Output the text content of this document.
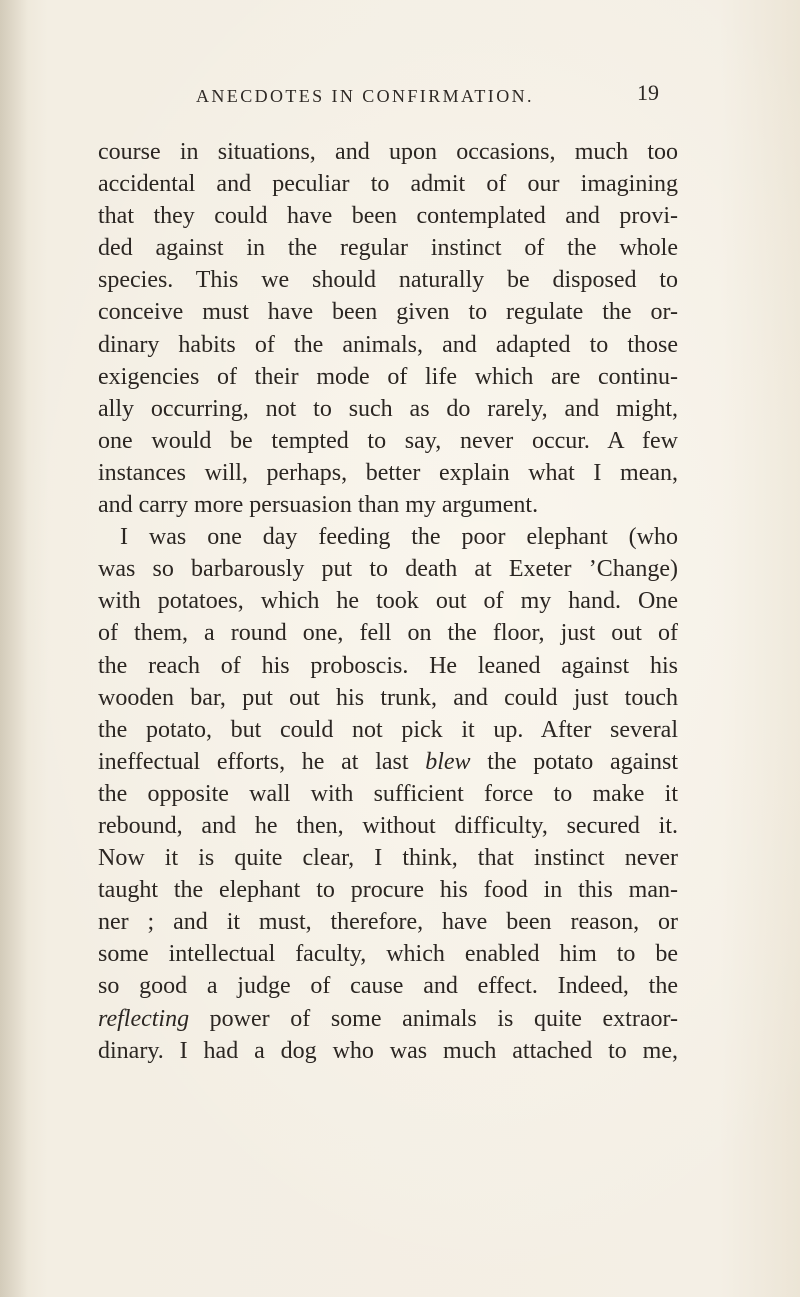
ANECDOTES IN CONFIRMATION.	19
course in situations, and upon occasions, much too
accidental and peculiar to admit of our imagining
that they could have been contemplated and provi-
ded against in the regular instinct of the whole
species. This we should naturally be disposed to
conceive must have been given to regulate the or-
dinary habits of the animals, and adapted to those
exigencies of their mode of life which are continu-
ally occurring, not to such as do rarely, and might,
one would be tempted to say, never occur. A few
instances will, perhaps, better explain what I mean,
and carry more persuasion than my argument.
I was one day feeding the poor elephant (who
was so barbarously put to death at Exeter ’Change)
with potatoes, which he took out of my hand. One
of them, a round one, fell on the floor, just out of
the reach of his proboscis. He leaned against his
wooden bar, put out his trunk, and could just touch
the potato, but could not pick it up. After several
ineffectual efforts, he at last blew the potato against
the opposite wall with sufficient force to make it
rebound, and he then, without difficulty, secured it.
Now it is quite clear, I think, that instinct never
taught the elephant to procure his food in this man-
ner ; and it must, therefore, have been reason, or
some intellectual faculty, which enabled him to be
so good a judge of cause and effect. Indeed, the
reflecting power of some animals is quite extraor-
dinary. I had a dog who was much attached to me,
